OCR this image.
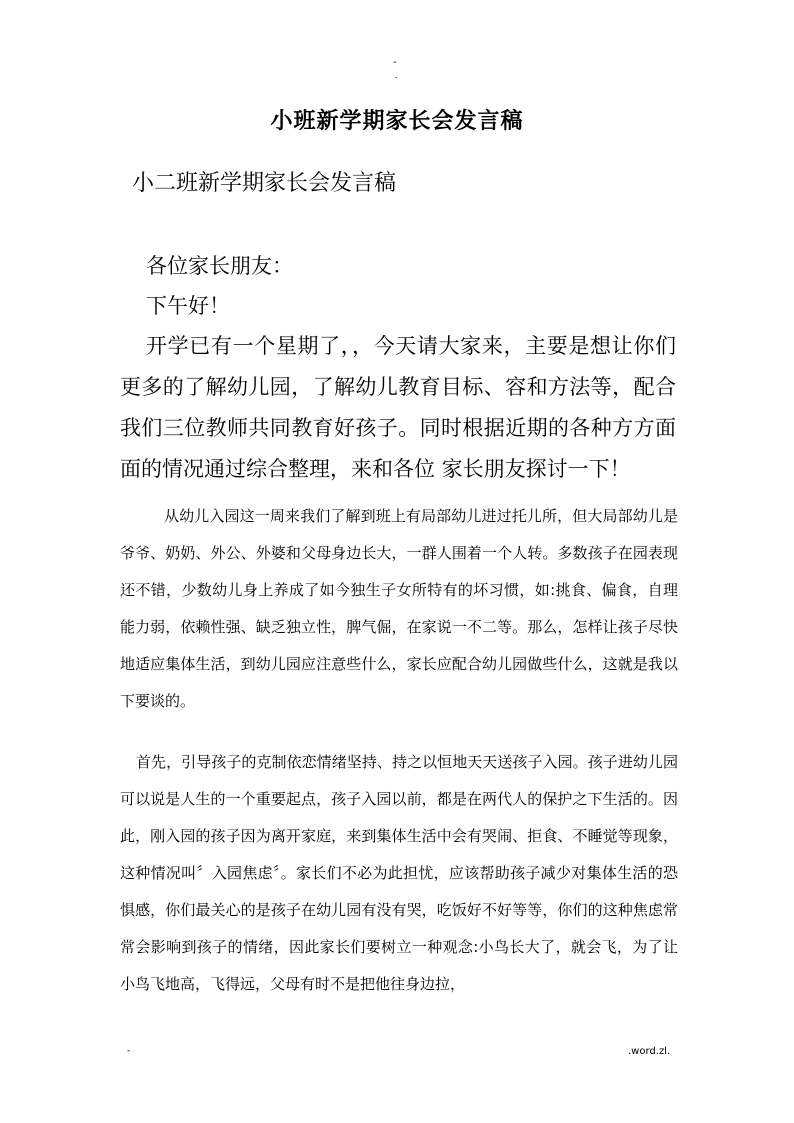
-
.
小班新学期家长会发言稿
小二班新学期家长会发言稿
各位家长朋友：
下午好！
开学已有一个星期了，，今天请大家来，主要是想让你们更多的了解幼儿园，了解幼儿教育目标、容和方法等，配合我们三位教师共同教育好孩子。同时根据近期的各种方方面面的情况通过综合整理，来和各位 家长朋友探讨一下！
从幼儿入园这一周来我们了解到班上有局部幼儿进过托儿所，但大局部幼儿是爷爷、奶奶、外公、外婆和父母身边长大，一群人围着一个人转。多数孩子在园表现还不错，少数幼儿身上养成了如今独生子女所特有的坏习惯，如:挑食、偏食，自理能力弱，依赖性强、缺乏独立性，脾气倔，在家说一不二等。那么，怎样让孩子尽快地适应集体生活，到幼儿园应注意些什么，家长应配合幼儿园做些什么，这就是我以下要谈的。
首先，引导孩子的克制依恋情绪坚持、持之以恒地天天送孩子入园。孩子进幼儿园可以说是人生的一个重要起点，孩子入园以前，都是在两代人的保护之下生活的。因此，刚入园的孩子因为离开家庭，来到集体生活中会有哭闹、拒食、不睡觉等现象，这种情况叫〞入园焦虑〞。家长们不必为此担忧，应该帮助孩子减少对集体生活的恐惧感，你们最关心的是孩子在幼儿园有没有哭，吃饭好不好等等，你们的这种焦虑常常会影响到孩子的情绪，因此家长们要树立一种观念:小鸟长大了，就会飞，为了让小鸟飞地高，飞得远，父母有时不是把他往身边拉，
-	.word.zl.
